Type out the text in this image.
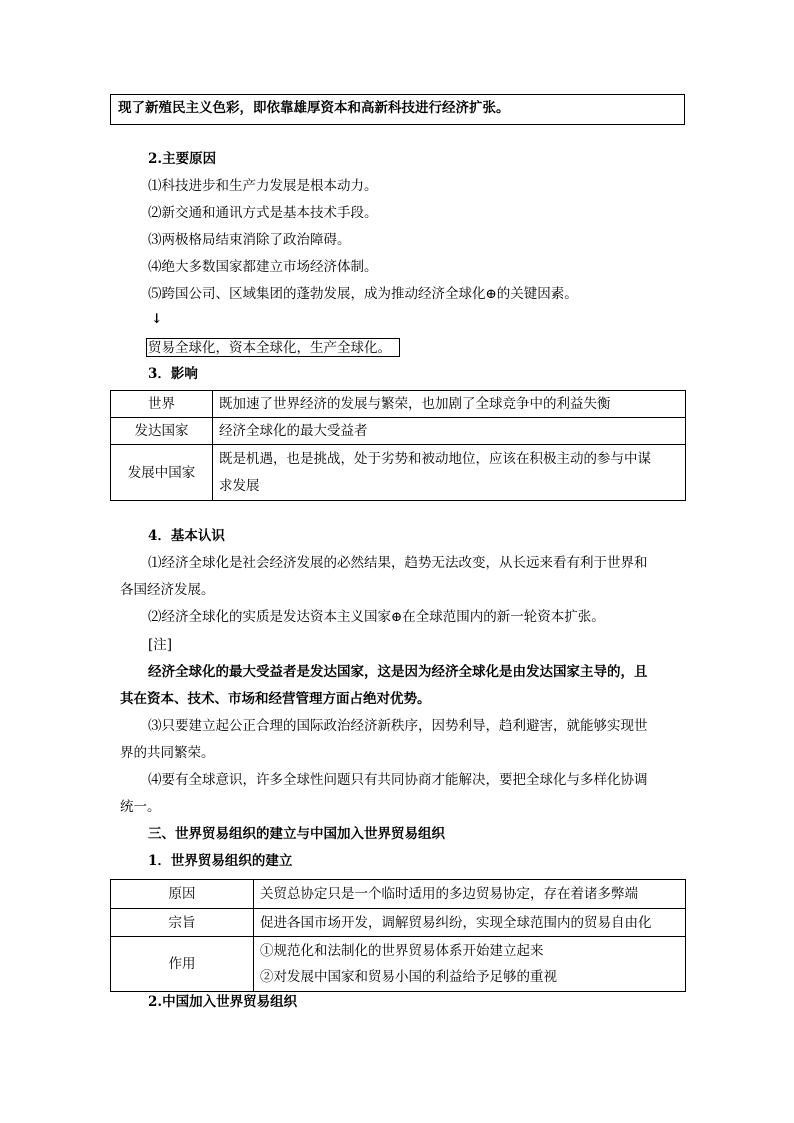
现了新殖民主义色彩，即依靠雄厚资本和高新科技进行经济扩张。
2.主要原因
⑴科技进步和生产力发展是根本动力。
⑵新交通和通讯方式是基本技术手段。
⑶两极格局结束消除了政治障碍。
⑷绝大多数国家都建立市场经济体制。
⑸跨国公司、区域集团的蓬勃发展，成为推动经济全球化⊕的关键因素。
↓
贸易全球化，资本全球化，生产全球化。
3．影响
世界	既加速了世界经济的发展与繁荣，也加剧了全球竞争中的利益失衡
发达国家	经济全球化的最大受益者
发展中国家	既是机遇，也是挑战，处于劣势和被动地位，应该在积极主动的参与中谋
求发展
4．基本认识
⑴经济全球化是社会经济发展的必然结果，趋势无法改变，从长远来看有利于世界和
各国经济发展。
⑵经济全球化的实质是发达资本主义国家⊕在全球范围内的新一轮资本扩张。
[注]
经济全球化的最大受益者是发达国家，这是因为经济全球化是由发达国家主导的，且
其在资本、技术、市场和经营管理方面占绝对优势。
⑶只要建立起公正合理的国际政治经济新秩序，因势利导，趋利避害，就能够实现世
界的共同繁荣。
⑷要有全球意识，许多全球性问题只有共同协商才能解决，要把全球化与多样化协调
统一。
三、世界贸易组织的建立与中国加入世界贸易组织
1．世界贸易组织的建立
原因	关贸总协定只是一个临时适用的多边贸易协定，存在着诸多弊端
宗旨	促进各国市场开发，调解贸易纠纷，实现全球范围内的贸易自由化
作用	①规范化和法制化的世界贸易体系开始建立起来
②对发展中国家和贸易小国的利益给予足够的重视
2.中国加入世界贸易组织
